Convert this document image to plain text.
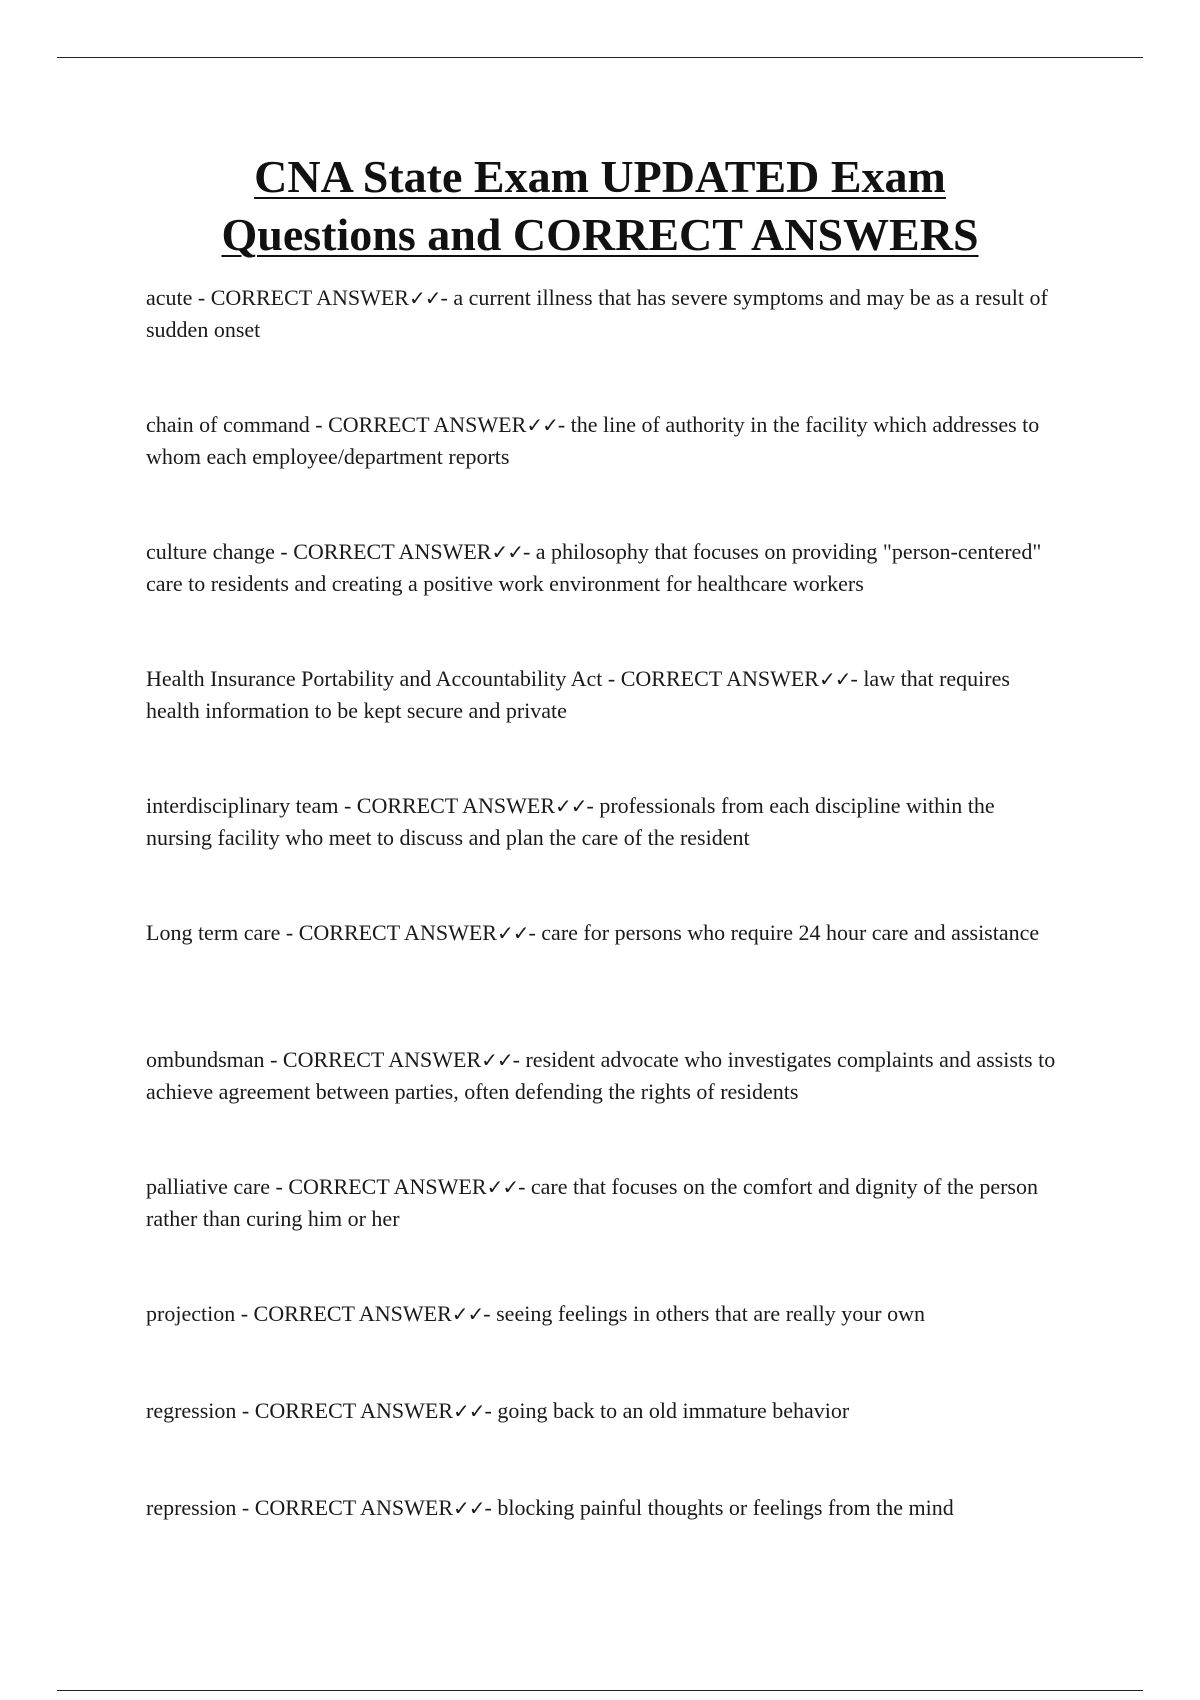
CNA State Exam UPDATED Exam
Questions and CORRECT ANSWERS

acute - CORRECT ANSWER✓✓- a current illness that has severe symptoms and may be as a result of sudden onset

chain of command - CORRECT ANSWER✓✓- the line of authority in the facility which addresses to whom each employee/department reports

culture change - CORRECT ANSWER✓✓- a philosophy that focuses on providing "person-centered" care to residents and creating a positive work environment for healthcare workers

Health Insurance Portability and Accountability Act - CORRECT ANSWER✓✓- law that requires health information to be kept secure and private

interdisciplinary team - CORRECT ANSWER✓✓- professionals from each discipline within the nursing facility who meet to discuss and plan the care of the resident

Long term care - CORRECT ANSWER✓✓- care for persons who require 24 hour care and assistance

ombundsman - CORRECT ANSWER✓✓- resident advocate who investigates complaints and assists to achieve agreement between parties, often defending the rights of residents

palliative care - CORRECT ANSWER✓✓- care that focuses on the comfort and dignity of the person rather than curing him or her

projection - CORRECT ANSWER✓✓- seeing feelings in others that are really your own

regression - CORRECT ANSWER✓✓- going back to an old immature behavior

repression - CORRECT ANSWER✓✓- blocking painful thoughts or feelings from the mind
